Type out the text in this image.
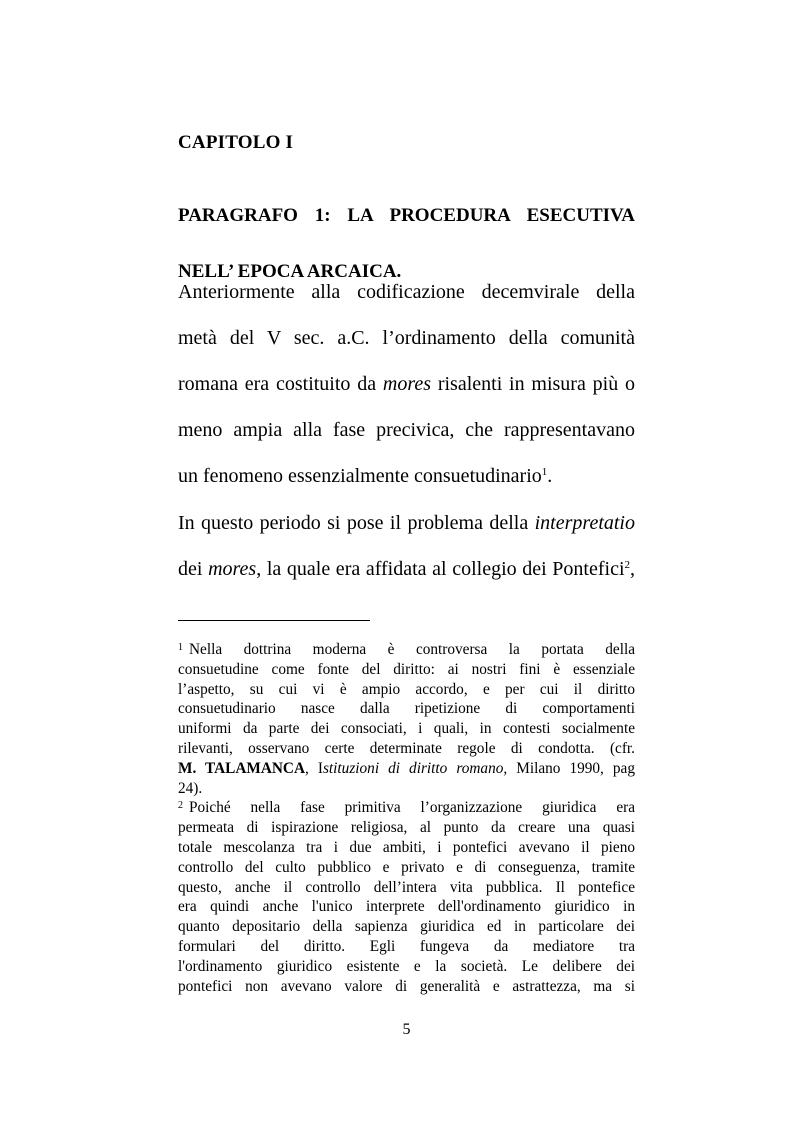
CAPITOLO I
PARAGRAFO 1: LA PROCEDURA ESECUTIVA
NELL’ EPOCA ARCAICA.
Anteriormente alla codificazione decemvirale della
metà del V sec. a.C. l’ordinamento della comunità
romana era costituito da mores risalenti in misura più o
meno ampia alla fase precivica, che rappresentavano
un fenomeno essenzialmente consuetudinario$^1$.
In questo periodo si pose il problema della interpretatio
dei mores, la quale era affidata al collegio dei Pontefici$^2$,
$^1$ Nella dottrina moderna è controversa la portata della
consuetudine come fonte del diritto: ai nostri fini è essenziale
l’aspetto, su cui vi è ampio accordo, e per cui il diritto
consuetudinario nasce dalla ripetizione di comportamenti
uniformi da parte dei consociati, i quali, in contesti socialmente
rilevanti, osservano certe determinate regole di condotta. (cfr.
M. TALAMANCA, Istituzioni di diritto romano, Milano 1990, pag
24).
$^2$ Poiché nella fase primitiva l’organizzazione giuridica era
permeata di ispirazione religiosa, al punto da creare una quasi
totale mescolanza tra i due ambiti, i pontefici avevano il pieno
controllo del culto pubblico e privato e di conseguenza, tramite
questo, anche il controllo dell’intera vita pubblica. Il pontefice
era quindi anche l'unico interprete dell'ordinamento giuridico in
quanto depositario della sapienza giuridica ed in particolare dei
formulari del diritto. Egli fungeva da mediatore tra
l'ordinamento giuridico esistente e la società. Le delibere dei
pontefici non avevano valore di generalità e astrattezza, ma si
5
